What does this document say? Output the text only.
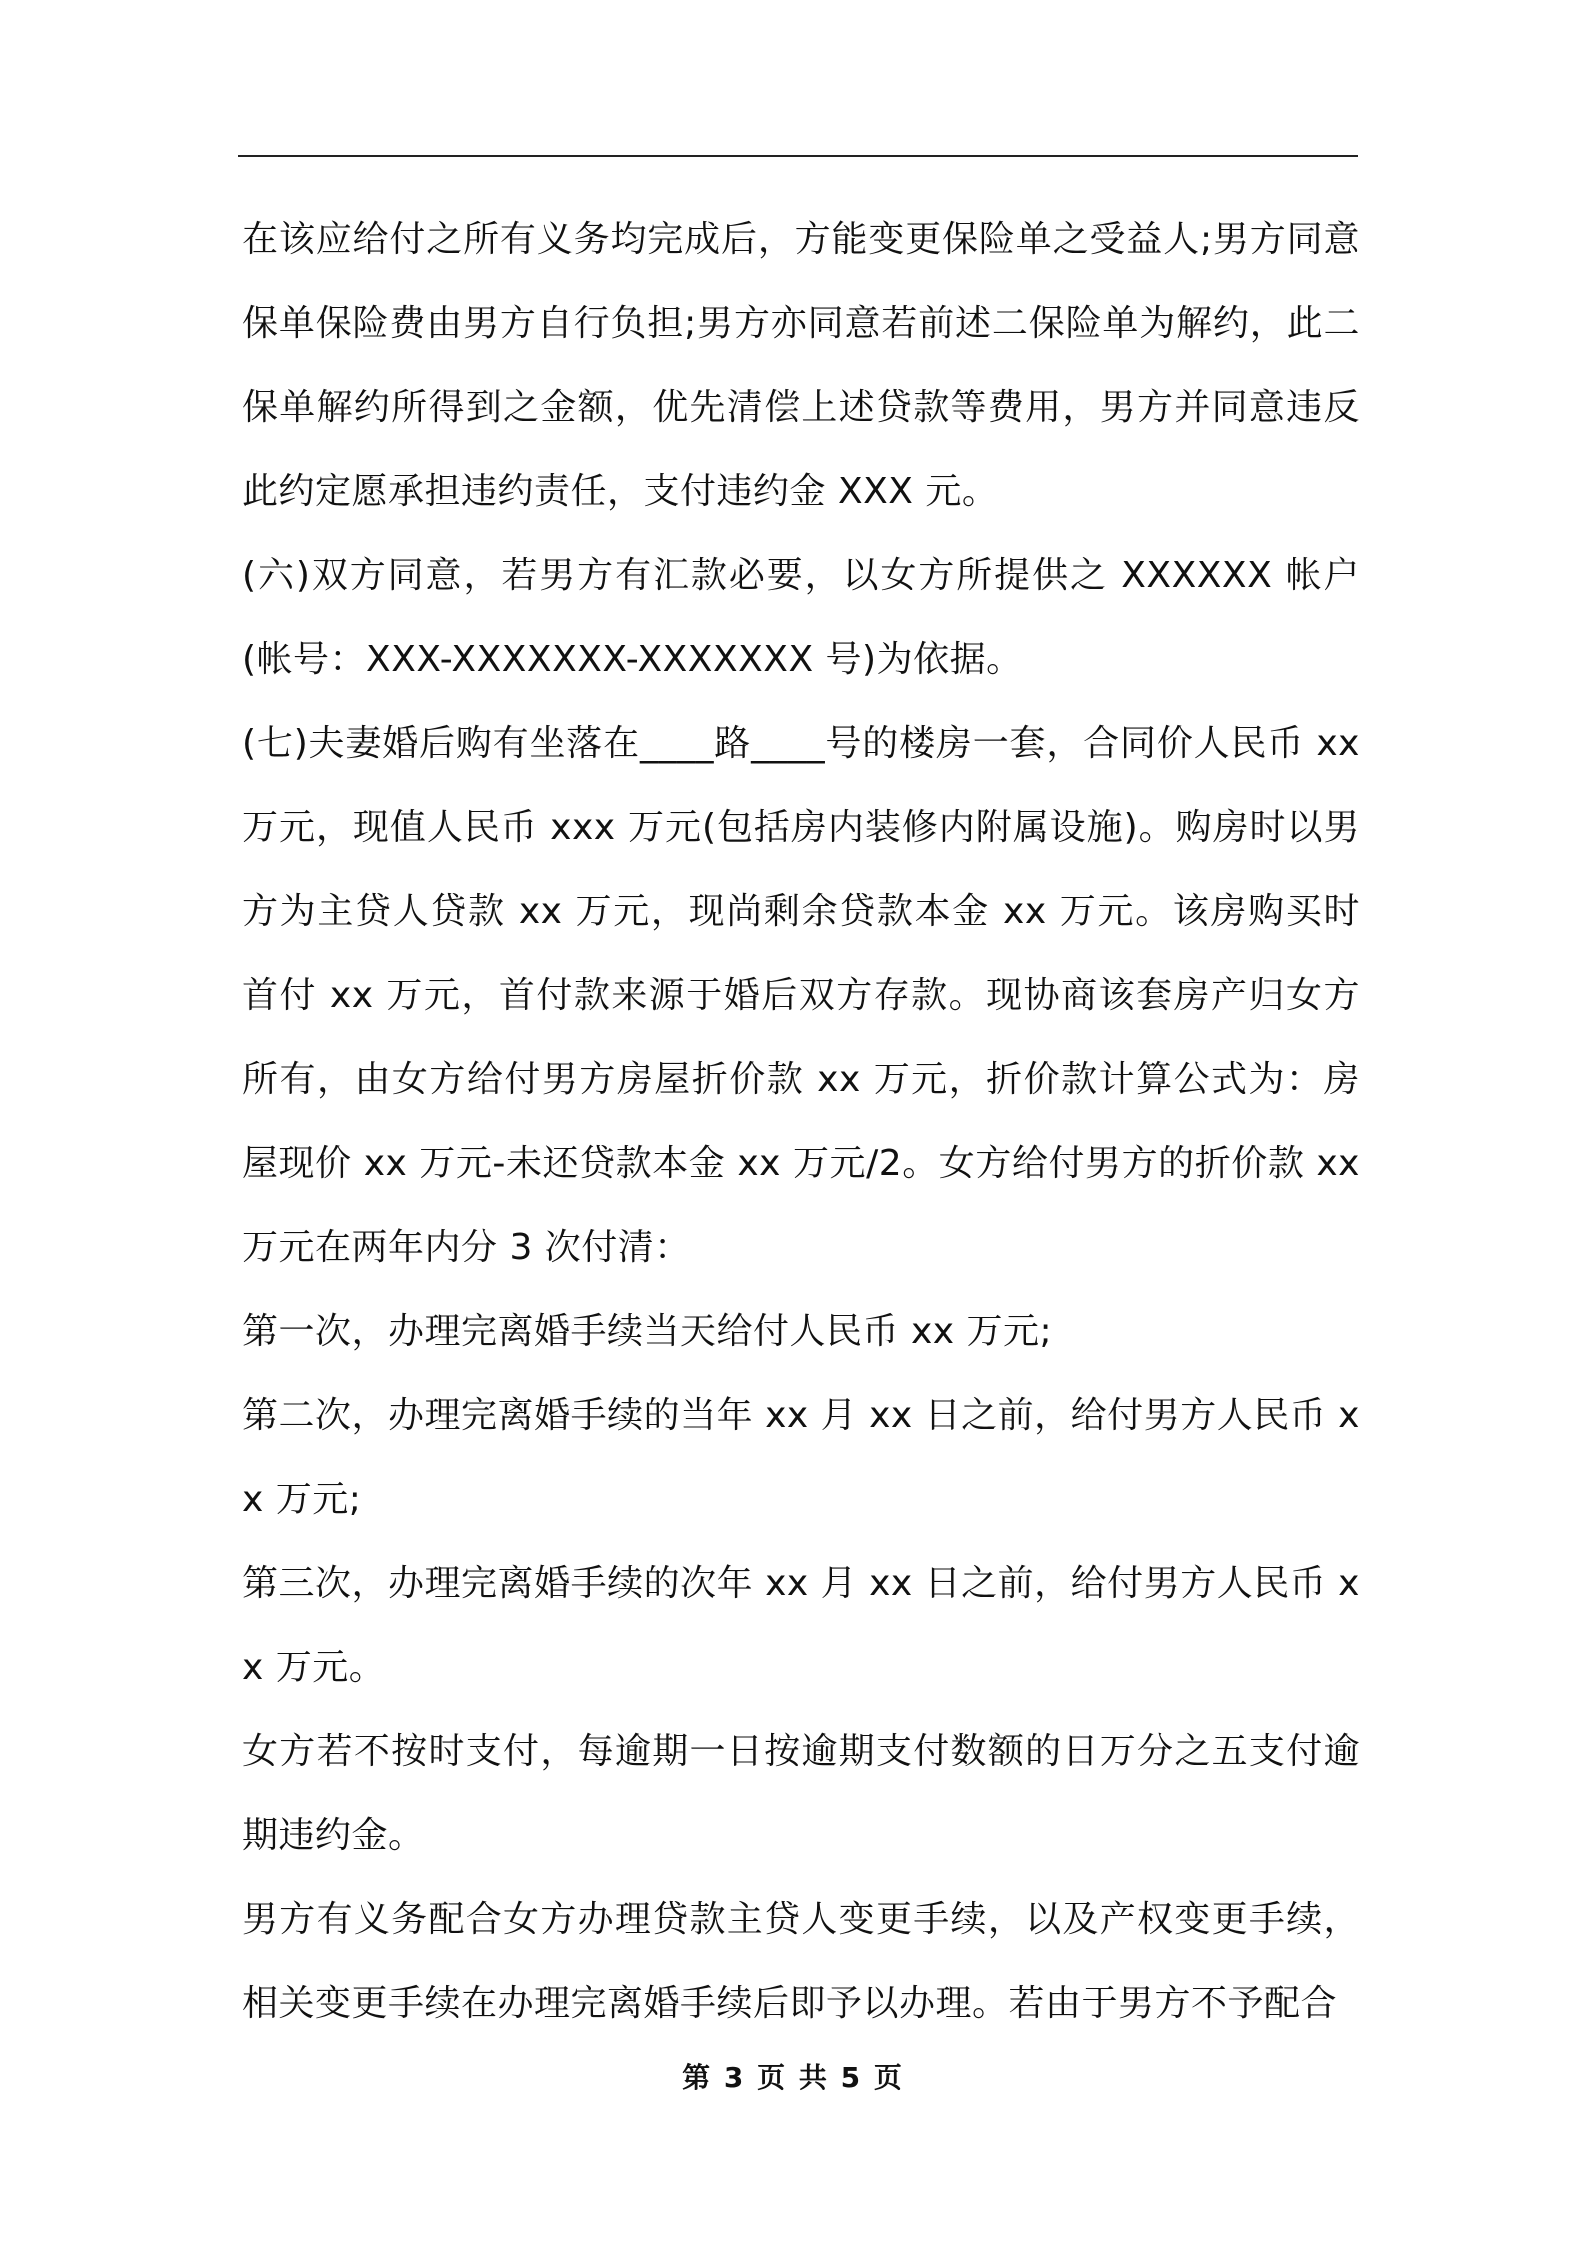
在该应给付之所有义务均完成后，方能变更保险单之受益人;男方同意保单保险费由男方自行负担;男方亦同意若前述二保险单为解约，此二保单解约所得到之金额，优先清偿上述贷款等费用，男方并同意违反此约定愿承担违约责任，支付违约金 XXX 元。

(六)双方同意，若男方有汇款必要，以女方所提供之 XXXXXX 帐户(帐号：XXX-XXXXXXX-XXXXXXX 号)为依据。

(七)夫妻婚后购有坐落在____路____号的楼房一套，合同价人民币 xx 万元，现值人民币 xxx 万元(包括房内装修内附属设施)。购房时以男方为主贷人贷款 xx 万元，现尚剩余贷款本金 xx 万元。该房购买时首付 xx 万元，首付款来源于婚后双方存款。现协商该套房产归女方所有，由女方给付男方房屋折价款 xx 万元，折价款计算公式为：房屋现价 xx 万元-未还贷款本金 xx 万元/2。女方给付男方的折价款 xx 万元在两年内分 3 次付清：

第一次，办理完离婚手续当天给付人民币 xx 万元;

第二次，办理完离婚手续的当年 xx 月 xx 日之前，给付男方人民币 xx 万元;

第三次，办理完离婚手续的次年 xx 月 xx 日之前，给付男方人民币 xx 万元。

女方若不按时支付，每逾期一日按逾期支付数额的日万分之五支付逾期违约金。

男方有义务配合女方办理贷款主贷人变更手续，以及产权变更手续，相关变更手续在办理完离婚手续后即予以办理。若由于男方不予配合

第 3 页 共 5 页
